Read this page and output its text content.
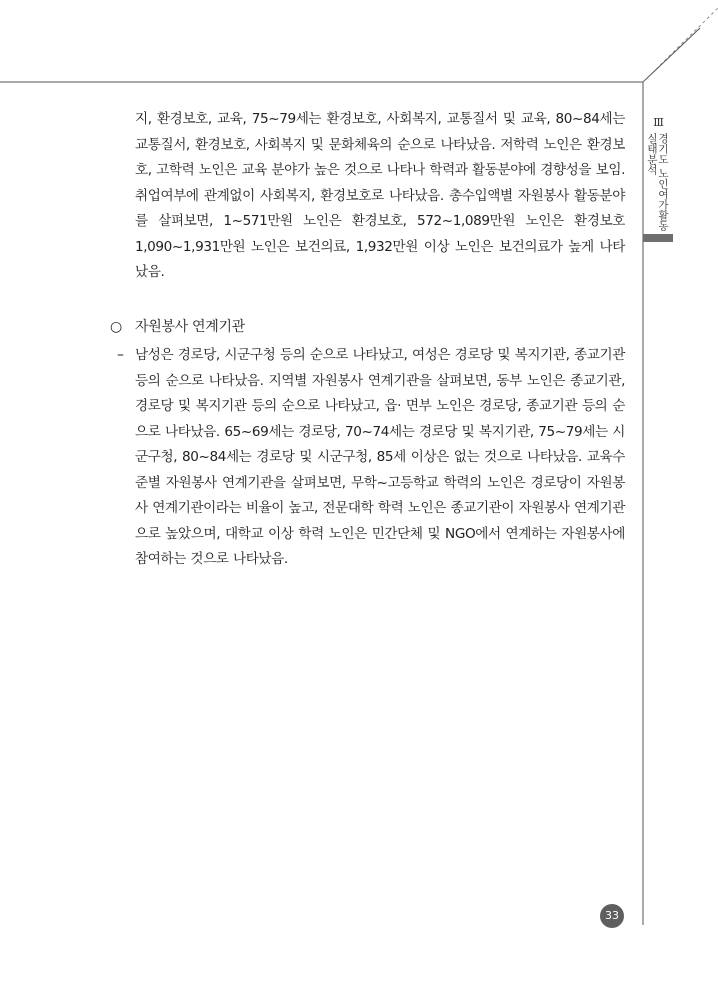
Ⅲ
경기도 노인여가활동
실태분석
지, 환경보호, 교육, 75~79세는 환경보호, 사회복지, 교통질서 및 교육, 80~84세는 교통질서, 환경보호, 사회복지 및 문화체육의 순으로 나타났음. 저학력 노인은 환경보호, 고학력 노인은 교육 분야가 높은 것으로 나타나 학력과 활동분야에 경향성을 보임. 취업여부에 관계없이 사회복지, 환경보호로 나타났음. 총수입액별 자원봉사 활동분야를 살펴보면, 1~571만원 노인은 환경보호, 572~1,089만원 노인은 환경보호 1,090~1,931만원 노인은 보건의료, 1,932만원 이상 노인은 보건의료가 높게 나타났음.
○ 자원봉사 연계기관
– 남성은 경로당, 시군구청 등의 순으로 나타났고, 여성은 경로당 및 복지기관, 종교기관 등의 순으로 나타났음. 지역별 자원봉사 연계기관을 살펴보면, 동부 노인은 종교기관, 경로당 및 복지기관 등의 순으로 나타났고, 읍· 면부 노인은 경로당, 종교기관 등의 순으로 나타났음. 65~69세는 경로당, 70~74세는 경로당 및 복지기관, 75~79세는 시군구청, 80~84세는 경로당 및 시군구청, 85세 이상은 없는 것으로 나타났음. 교육수준별 자원봉사 연계기관을 살펴보면, 무학~고등학교 학력의 노인은 경로당이 자원봉사 연계기관이라는 비율이 높고, 전문대학 학력 노인은 종교기관이 자원봉사 연계기관으로 높았으며, 대학교 이상 학력 노인은 민간단체 및 NGO에서 연계하는 자원봉사에 참여하는 것으로 나타났음.
33
